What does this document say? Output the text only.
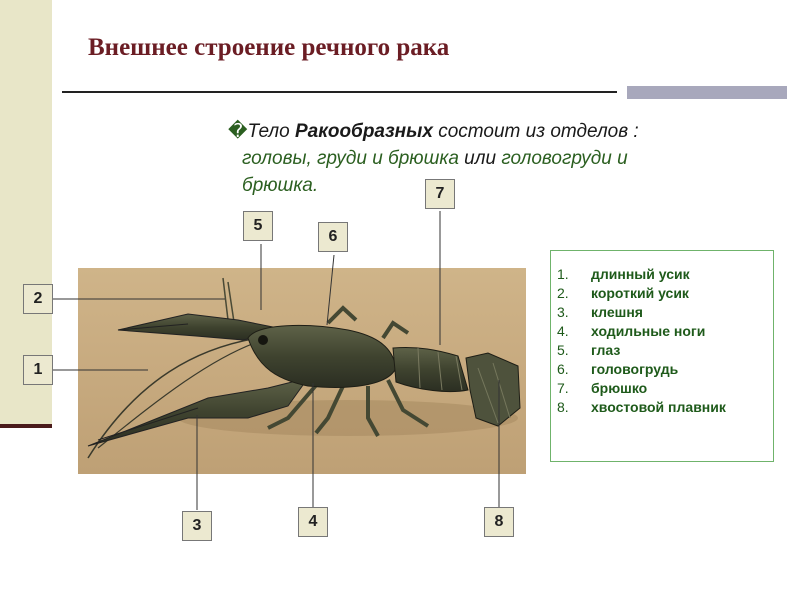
Внешнее строение речного рака
�Тело Ракообразных состоит из отделов :
головы, груди и брюшка или головогруди и
брюшка.
2
1
5
6
7
3	4	8
1.	длинный усик
2.	короткий усик
3.	клешня
4.	ходильные ноги
5.	глаз
6.	головогрудь
7.	брюшко
8.	хвостовой плавник
